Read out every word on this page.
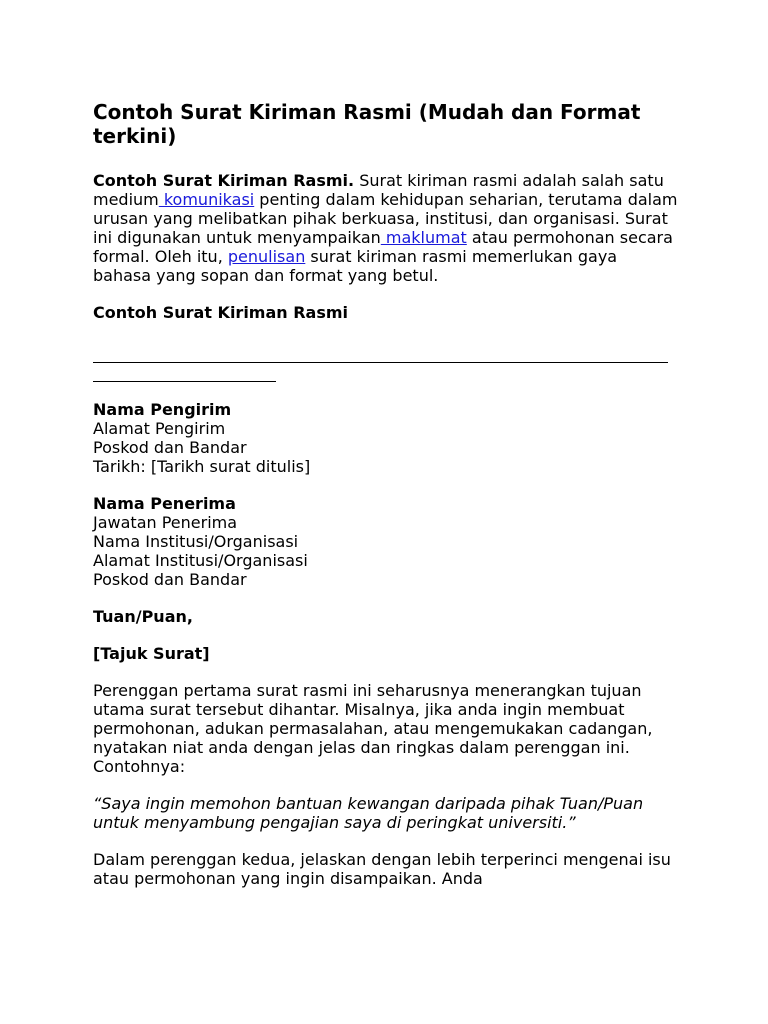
Contoh Surat Kiriman Rasmi (Mudah dan Format terkini)

Contoh Surat Kiriman Rasmi. Surat kiriman rasmi adalah salah satu medium komunikasi penting dalam kehidupan seharian, terutama dalam urusan yang melibatkan pihak berkuasa, institusi, dan organisasi. Surat ini digunakan untuk menyampaikan maklumat atau permohonan secara formal. Oleh itu, penulisan surat kiriman rasmi memerlukan gaya bahasa yang sopan dan format yang betul.

Contoh Surat Kiriman Rasmi

Nama Pengirim
Alamat Pengirim
Poskod dan Bandar
Tarikh: [Tarikh surat ditulis]
Nama Penerima
Jawatan Penerima
Nama Institusi/Organisasi
Alamat Institusi/Organisasi
Poskod dan Bandar

Tuan/Puan,

[Tajuk Surat]

Perenggan pertama surat rasmi ini seharusnya menerangkan tujuan utama surat tersebut dihantar. Misalnya, jika anda ingin membuat permohonan, adukan permasalahan, atau mengemukakan cadangan, nyatakan niat anda dengan jelas dan ringkas dalam perenggan ini. Contohnya:

“Saya ingin memohon bantuan kewangan daripada pihak Tuan/Puan untuk menyambung pengajian saya di peringkat universiti.”

Dalam perenggan kedua, jelaskan dengan lebih terperinci mengenai isu atau permohonan yang ingin disampaikan. Anda
